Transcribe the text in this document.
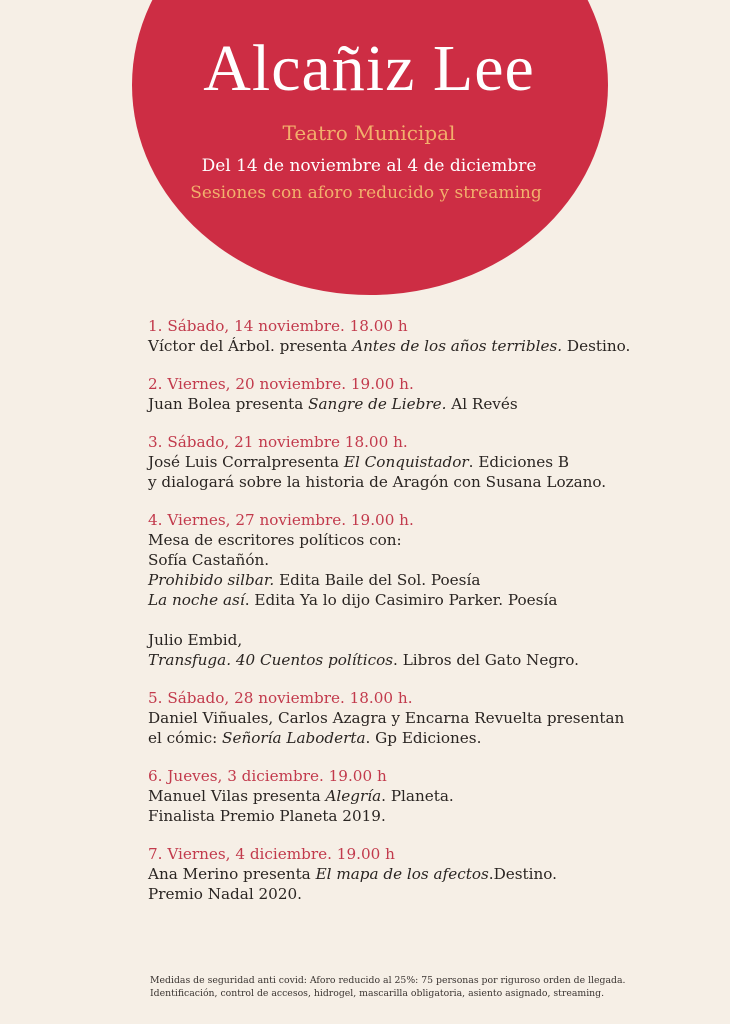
Alcañiz Lee
Teatro Municipal
Del 14 de noviembre al 4 de diciembre
Sesiones con aforo reducido y streaming
1. Sábado, 14 noviembre. 18.00 h
Víctor del Árbol. presenta Antes de los años terribles. Destino.
2. Viernes, 20 noviembre. 19.00 h.
Juan Bolea presenta Sangre de Liebre. Al Revés
3. Sábado, 21 noviembre 18.00 h.
José Luis Corralpresenta El Conquistador. Ediciones B
y dialogará sobre la historia de Aragón con Susana Lozano.
4. Viernes, 27 noviembre. 19.00 h.
Mesa de escritores políticos con:
Sofía Castañón.
Prohibido silbar. Edita Baile del Sol. Poesía
La noche así. Edita Ya lo dijo Casimiro Parker. Poesía
Julio Embid,
Transfuga. 40 Cuentos políticos. Libros del Gato Negro.
5. Sábado, 28 noviembre. 18.00 h.
Daniel Viñuales, Carlos Azagra y Encarna Revuelta presentan
el cómic: Señoría Laboderta. Gp Ediciones.
6. Jueves, 3 diciembre. 19.00 h
Manuel Vilas presenta Alegría. Planeta.
Finalista Premio Planeta 2019.
7. Viernes, 4 diciembre. 19.00 h
Ana Merino presenta El mapa de los afectos.Destino.
Premio Nadal 2020.
Medidas de seguridad anti covid: Aforo reducido al 25%: 75 personas por riguroso orden de llegada.
Identificación, control de accesos, hidrogel, mascarilla obligatoria, asiento asignado, streaming.
